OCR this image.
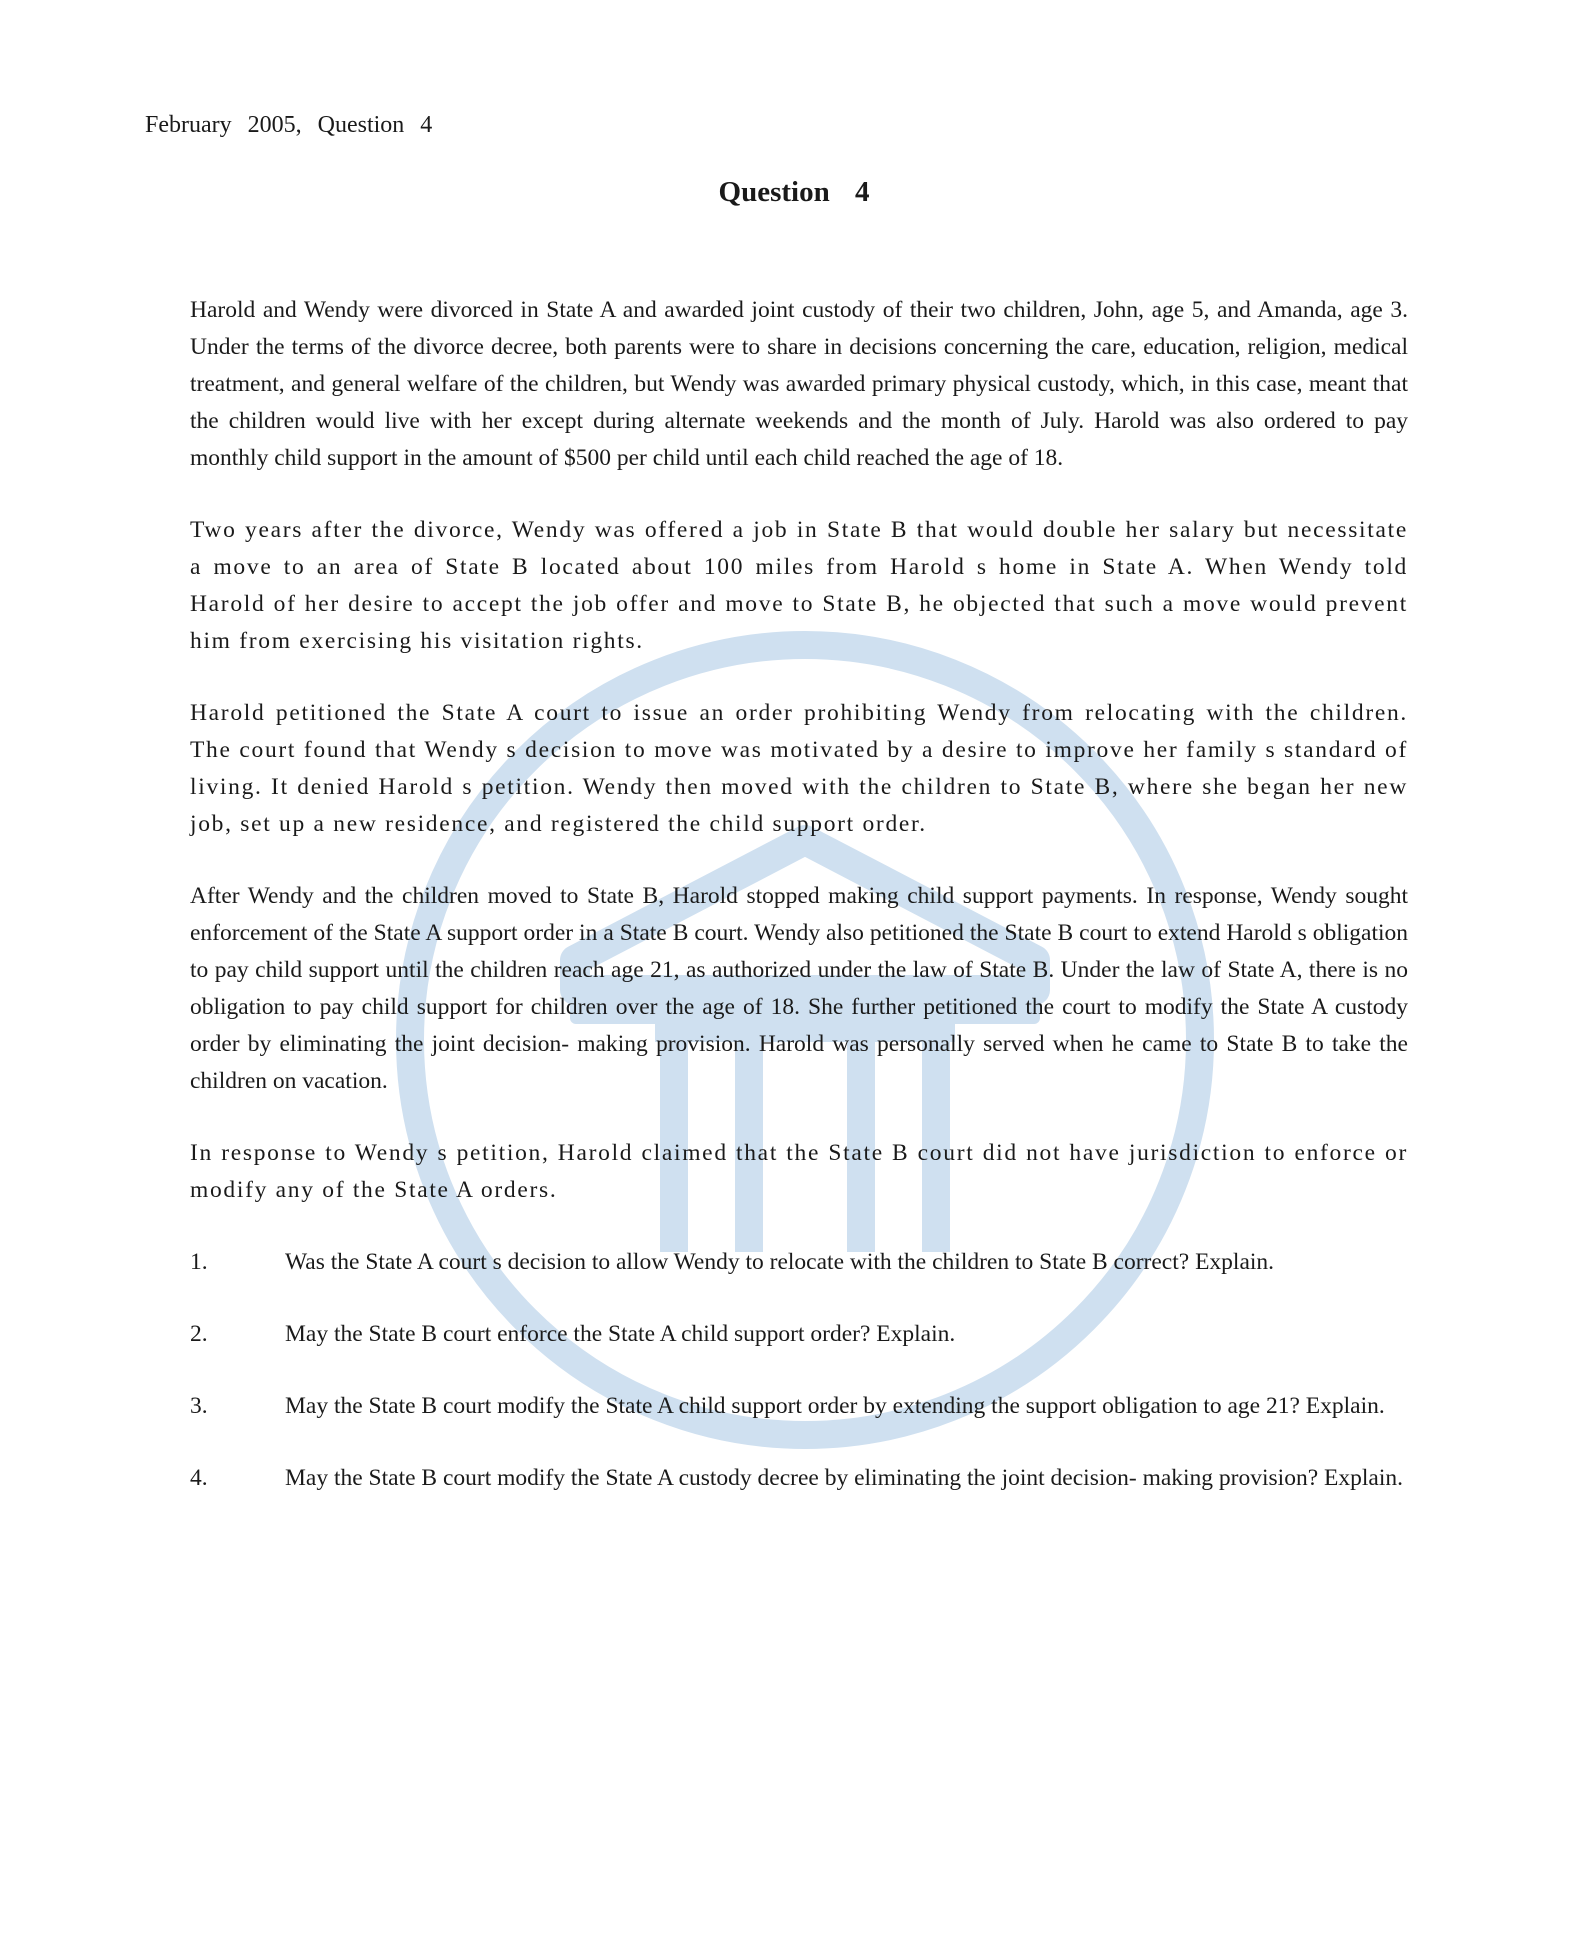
February 2005, Question 4
Question 4

Harold and Wendy were divorced in State A and awarded joint custody of their two children, John, age 5, and Amanda, age 3. Under the terms of the divorce decree, both parents were to share in decisions concerning the care, education, religion, medical treatment, and general welfare of the children, but Wendy was awarded primary physical custody, which, in this case, meant that the children would live with her except during alternate weekends and the month of July. Harold was also ordered to pay monthly child support in the amount of $500 per child until each child reached the age of 18.

Two years after the divorce, Wendy was offered a job in State B that would double her salary but necessitate a move to an area of State B located about 100 miles from Harold s home in State A. When Wendy told Harold of her desire to accept the job offer and move to State B, he objected that such a move would prevent him from exercising his visitation rights.

Harold petitioned the State A court to issue an order prohibiting Wendy from relocating with the children. The court found that Wendy s decision to move was motivated by a desire to improve her family s standard of living. It denied Harold s petition. Wendy then moved with the children to State B, where she began her new job, set up a new residence, and registered the child support order.

After Wendy and the children moved to State B, Harold stopped making child support payments. In response, Wendy sought enforcement of the State A support order in a State B court. Wendy also petitioned the State B court to extend Harold s obligation to pay child support until the children reach age 21, as authorized under the law of State B. Under the law of State A, there is no obligation to pay child support for children over the age of 18. She further petitioned the court to modify the State A custody order by eliminating the joint decision- making provision. Harold was personally served when he came to State B to take the children on vacation.

In response to Wendy s petition, Harold claimed that the State B court did not have jurisdiction to enforce or modify any of the State A orders.

1.	Was the State A court s decision to allow Wendy to relocate with the children to State B correct? Explain.
2.	May the State B court enforce the State A child support order? Explain.
3.	May the State B court modify the State A child support order by extending the support obligation to age 21? Explain.
4.	May the State B court modify the State A custody decree by eliminating the joint decision- making provision? Explain.
